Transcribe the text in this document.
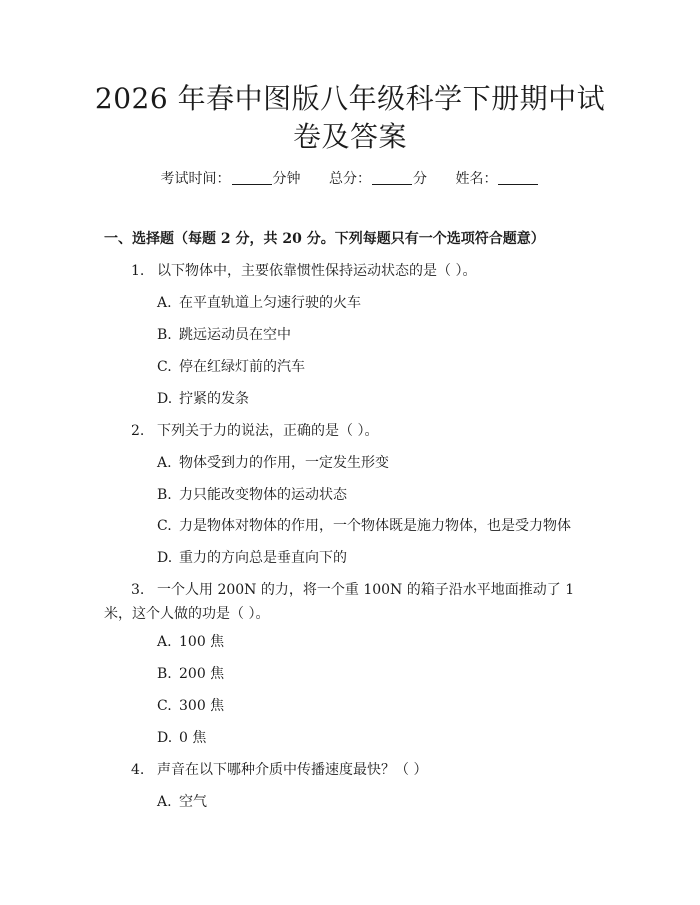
2026 年春中图版八年级科学下册期中试卷及答案
考试时间：	分钟 总分：	分 姓名：
一、选择题（每题 2 分，共 20 分。下列每题只有一个选项符合题意）
1. 以下物体中，主要依靠惯性保持运动状态的是（ ）。
A. 在平直轨道上匀速行驶的火车
B. 跳远运动员在空中
C. 停在红绿灯前的汽车
D. 拧紧的发条
2. 下列关于力的说法，正确的是（ ）。
A. 物体受到力的作用，一定发生形变
B. 力只能改变物体的运动状态
C. 力是物体对物体的作用，一个物体既是施力物体，也是受力物体
D. 重力的方向总是垂直向下的
3. 一个人用 200N 的力，将一个重 100N 的箱子沿水平地面推动了 1 米，这个人做的功是（ ）。
A. 100 焦
B. 200 焦
C. 300 焦
D. 0 焦
4. 声音在以下哪种介质中传播速度最快？（ ）
A. 空气
